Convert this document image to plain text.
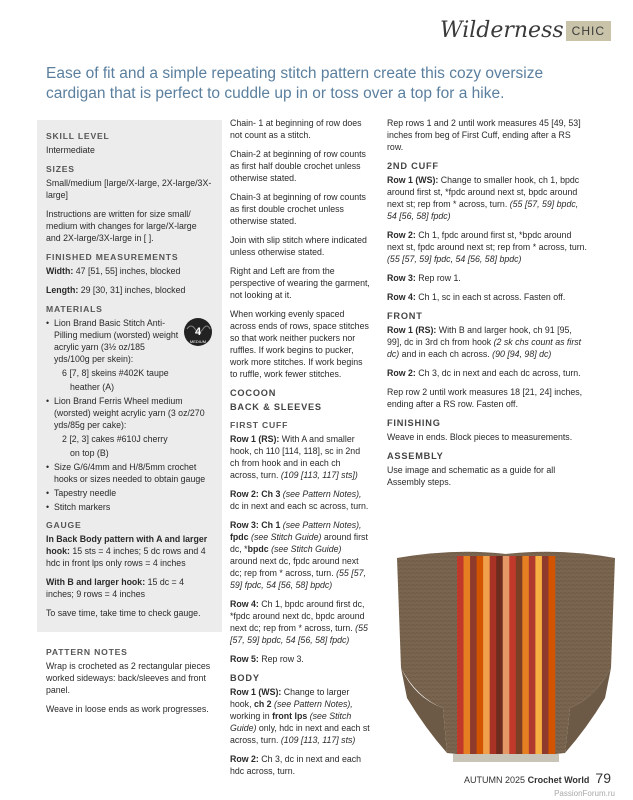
Wilderness CHIC
Ease of fit and a simple repeating stitch pattern create this cozy oversize cardigan that is perfect to cuddle up in or toss over a top for a hike.
SKILL LEVEL

Intermediate

SIZES

Small/medium [large/X-large, 2X-large/3X-large]

Instructions are written for size small/ medium with changes for large/X-large and 2X-large/3X-large in [ ].

FINISHED MEASUREMENTS

Width: 47 [51, 55] inches, blocked

Length: 29 [30, 31] inches, blocked

MATERIALS
4
MEDIUM
• Lion Brand Basic Stitch Anti-Pilling medium (worsted) weight acrylic yarn (3½ oz/185 yds/100g per skein):
6 [7, 8] skeins #402K taupe
heather (A)
• Lion Brand Ferris Wheel medium (worsted) weight acrylic yarn (3 oz/270 yds/85g per cake):
2 [2, 3] cakes #610J cherry
on top (B)
• Size G/6/4mm and H/8/5mm crochet hooks or sizes needed to obtain gauge
• Tapestry needle
• Stitch markers
GAUGE

In Back Body pattern with A and larger hook: 15 sts = 4 inches; 5 dc rows and 4 hdc in front lps only rows = 4 inches

With B and larger hook: 15 dc = 4 inches; 9 rows = 4 inches

To save time, take time to check gauge.

PATTERN NOTES

Wrap is crocheted as 2 rectangular pieces worked sideways: back/sleeves and front panel.

Weave in loose ends as work progresses.

Chain- 1 at beginning of row does not count as a stitch.

Chain-2 at beginning of row counts as first half double crochet unless otherwise stated.

Chain-3 at beginning of row counts as first double crochet unless otherwise stated.

Join with slip stitch where indicated unless otherwise stated.

Right and Left are from the perspective of wearing the garment, not looking at it.

When working evenly spaced across ends of rows, space stitches so that work neither puckers nor ruffles. If work begins to pucker, work more stitches. If work begins to ruffle, work fewer stitches.

COCOON
BACK & SLEEVES
FIRST CUFF

Row 1 (RS): With A and smaller hook, ch 110 [114, 118], sc in 2nd ch from hook and in each ch across, turn. (109 [113, 117] sts])

Row 2: Ch 3 (see Pattern Notes), dc in next and each sc across, turn.

Row 3: Ch 1 (see Pattern Notes), fpdc (see Stitch Guide) around first dc, *bpdc (see Stitch Guide) around next dc, fpdc around next dc; rep from * across, turn. (55 [57, 59] fpdc, 54 [56, 58] bpdc)

Row 4: Ch 1, bpdc around first dc, *fpdc around next dc, bpdc around next dc; rep from * across, turn. (55 [57, 59] bpdc, 54 [56, 58] fpdc)

Row 5: Rep row 3.

BODY

Row 1 (WS): Change to larger hook, ch 2 (see Pattern Notes), working in front lps (see Stitch Guide) only, hdc in next and each st across, turn. (109 [113, 117] sts)

Row 2: Ch 3, dc in next and each hdc across, turn.

Rep rows 1 and 2 until work measures 45 [49, 53] inches from beg of First Cuff, ending after a RS row.

2ND CUFF

Row 1 (WS): Change to smaller hook, ch 1, bpdc around first st, *fpdc around next st, bpdc around next st; rep from * across, turn. (55 [57, 59] bpdc, 54 [56, 58] fpdc)

Row 2: Ch 1, fpdc around first st, *bpdc around next st, fpdc around next st; rep from * across, turn. (55 [57, 59] fpdc, 54 [56, 58] bpdc)

Row 3: Rep row 1.

Row 4: Ch 1, sc in each st across. Fasten off.

FRONT

Row 1 (RS): With B and larger hook, ch 91 [95, 99], dc in 3rd ch from hook (2 sk chs count as first dc) and in each ch across. (90 [94, 98] dc)

Row 2: Ch 3, dc in next and each dc across, turn.

Rep row 2 until work measures 18 [21, 24] inches, ending after a RS row. Fasten off.

FINISHING

Weave in ends. Block pieces to measurements.

ASSEMBLY

Use image and schematic as a guide for all Assembly steps.

AUTUMN 2025
Crochet World 79
PassionForum.ru
